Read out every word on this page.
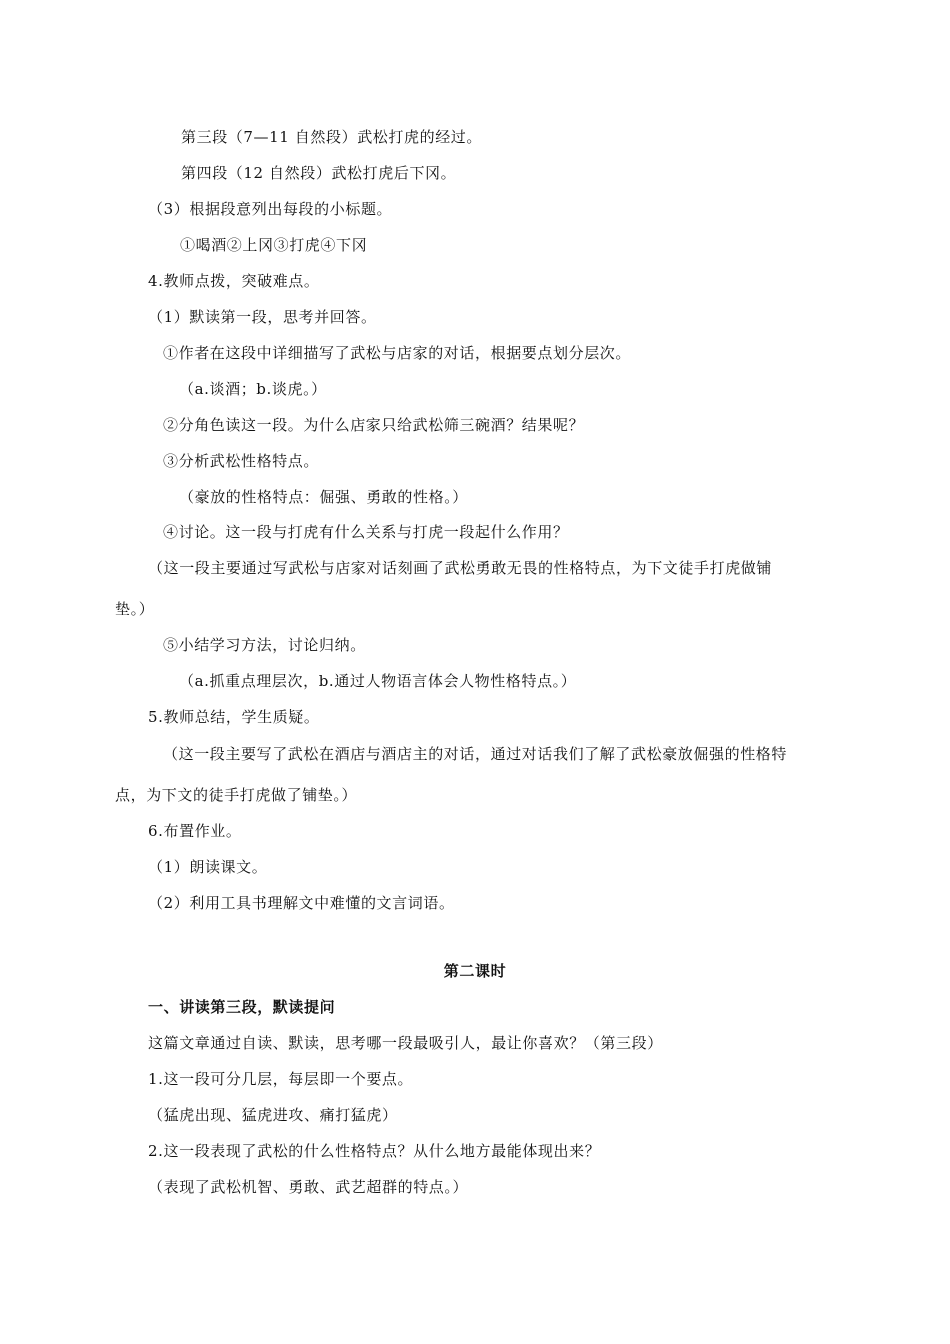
第三段（7—11 自然段）武松打虎的经过。
第四段（12 自然段）武松打虎后下冈。
（3）根据段意列出每段的小标题。
①喝酒②上冈③打虎④下冈
4.教师点拨，突破难点。
（1）默读第一段，思考并回答。
①作者在这段中详细描写了武松与店家的对话，根据要点划分层次。
（a.谈酒；b.谈虎。）
②分角色读这一段。为什么店家只给武松筛三碗酒？结果呢？
③分析武松性格特点。
（豪放的性格特点：倔强、勇敢的性格。）
④讨论。这一段与打虎有什么关系与打虎一段起什么作用？
（这一段主要通过写武松与店家对话刻画了武松勇敢无畏的性格特点，为下文徒手打虎做铺
垫。）
⑤小结学习方法，讨论归纳。
（a.抓重点理层次，b.通过人物语言体会人物性格特点。）
5.教师总结，学生质疑。
（这一段主要写了武松在酒店与酒店主的对话，通过对话我们了解了武松豪放倔强的性格特
点，为下文的徒手打虎做了铺垫。）
6.布置作业。
（1）朗读课文。
（2）利用工具书理解文中难懂的文言词语。
第二课时
一、讲读第三段，默读提问
这篇文章通过自读、默读，思考哪一段最吸引人，最让你喜欢？（第三段）
1.这一段可分几层，每层即一个要点。
（猛虎出现、猛虎进攻、痛打猛虎）
2.这一段表现了武松的什么性格特点？从什么地方最能体现出来？
（表现了武松机智、勇敢、武艺超群的特点。）
